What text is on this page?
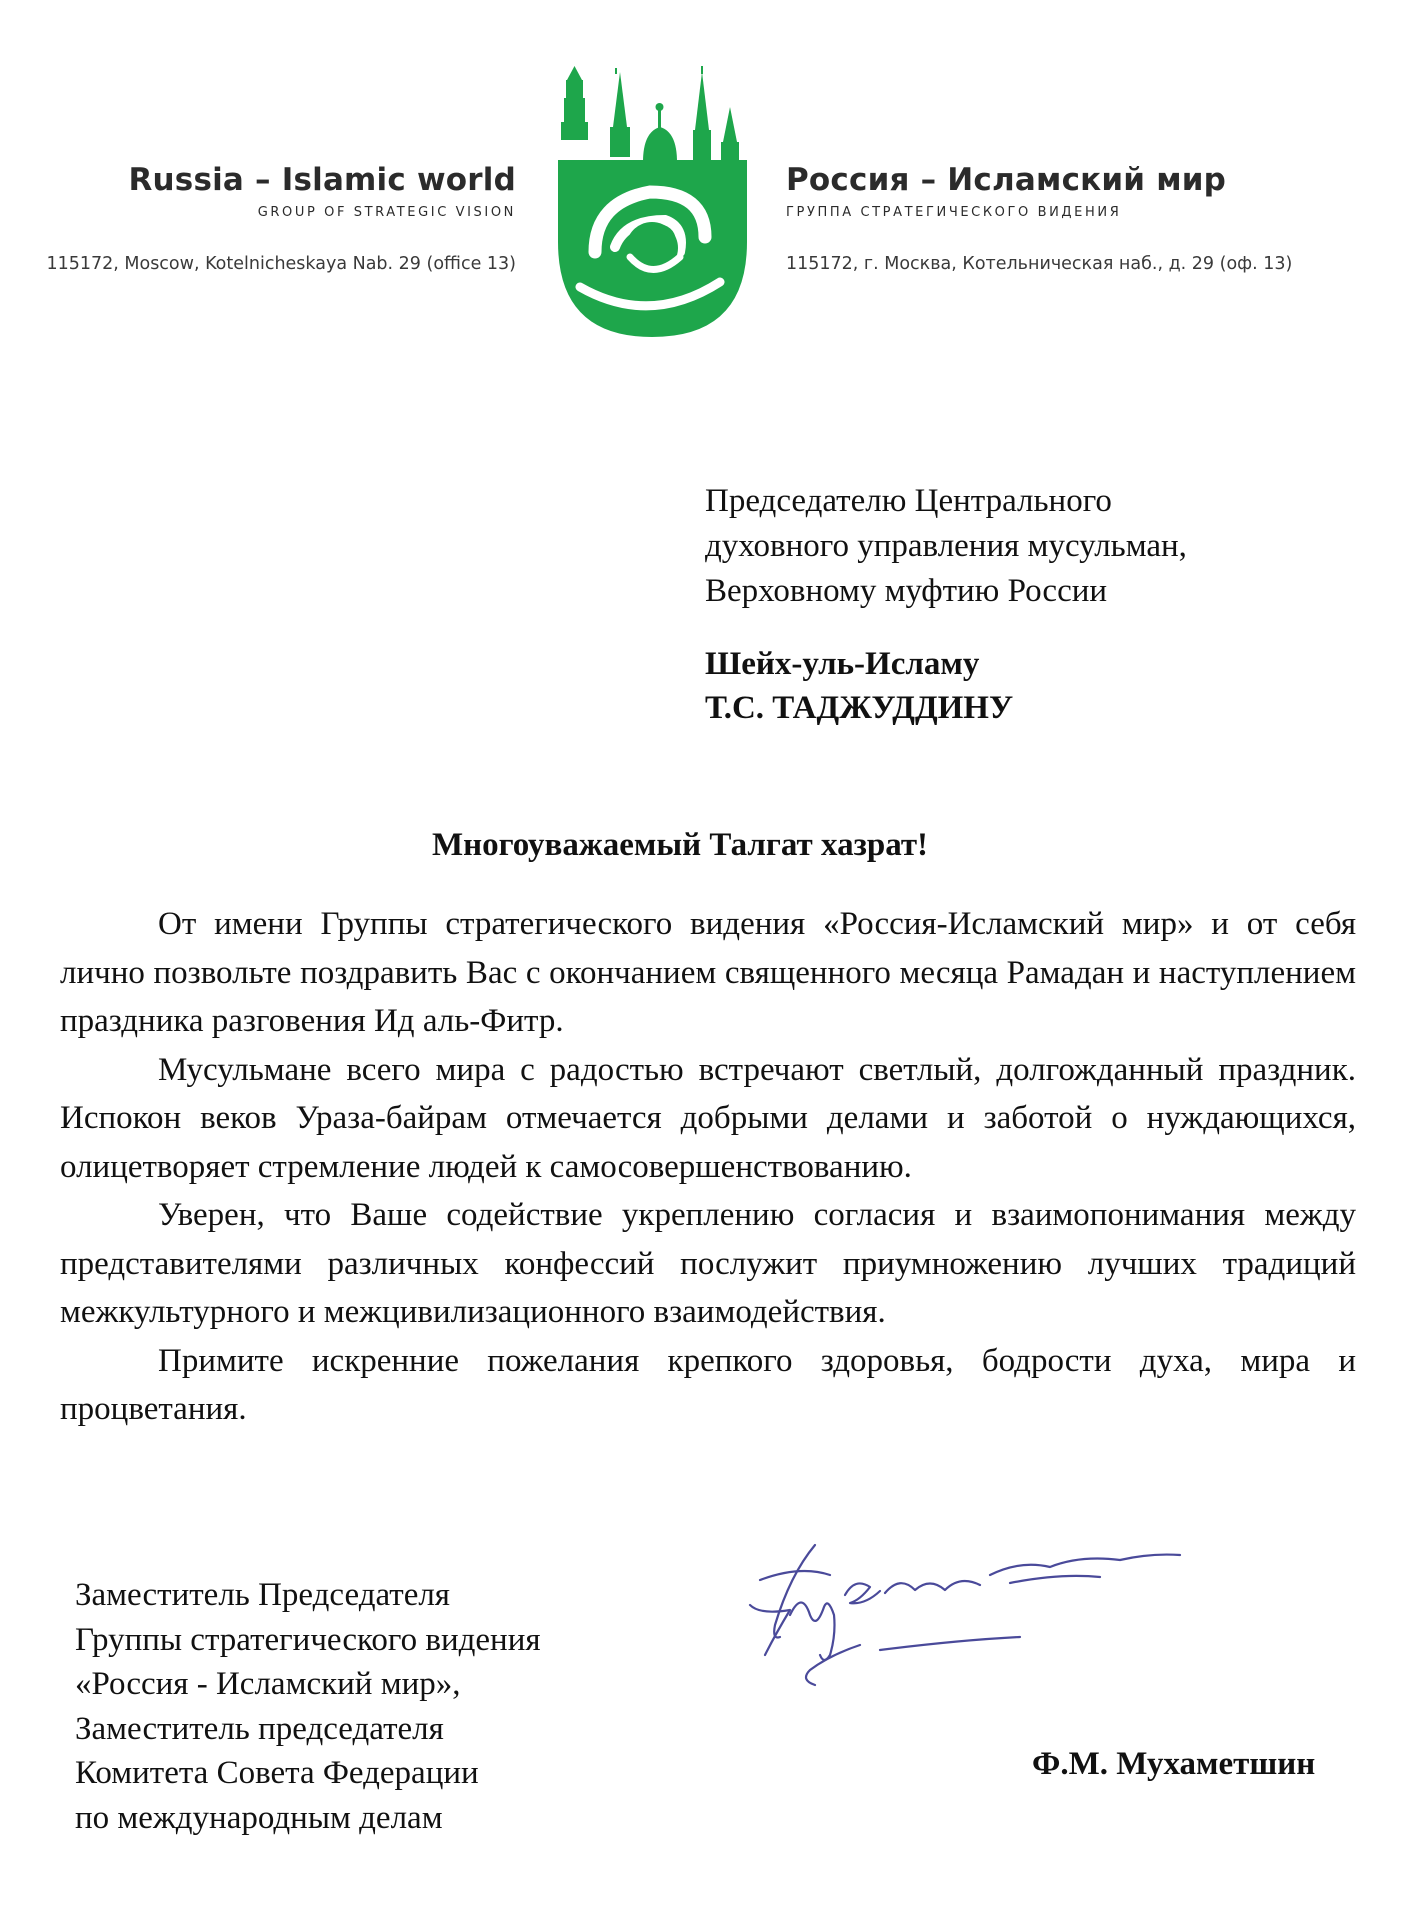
Russia – Islamic world
GROUP OF STRATEGIC VISION
115172, Moscow, Kotelnicheskaya Nab. 29 (office 13)
Россия – Исламский мир
ГРУППА СТРАТЕГИЧЕСКОГО ВИДЕНИЯ
115172, г. Москва, Котельническая наб., д. 29 (оф. 13)
Председателю Центрального
духовного управления мусульман,
Верховному муфтию России
Шейх-уль-Исламу
Т.С. ТАДЖУДДИНУ
Многоуважаемый Талгат хазрат!

От имени Группы стратегического видения «Россия-Исламский мир» и от себя лично позвольте поздравить Вас с окончанием священного месяца Рамадан и наступлением праздника разговения Ид аль-Фитр.

Мусульмане всего мира с радостью встречают светлый, долгожданный праздник. Испокон веков Ураза-байрам отмечается добрыми делами и заботой о нуждающихся, олицетворяет стремление людей к самосовершенствованию.

Уверен, что Ваше содействие укреплению согласия и взаимопонимания между представителями различных конфессий послужит приумножению лучших традиций межкультурного и межцивилизационного взаимодействия.

Примите искренние пожелания крепкого здоровья, бодрости духа, мира и процветания.

Заместитель Председателя
Группы стратегического видения
«Россия - Исламский мир»,
Заместитель председателя
Комитета Совета Федерации
по международным делам
Ф.М. Мухаметшин
